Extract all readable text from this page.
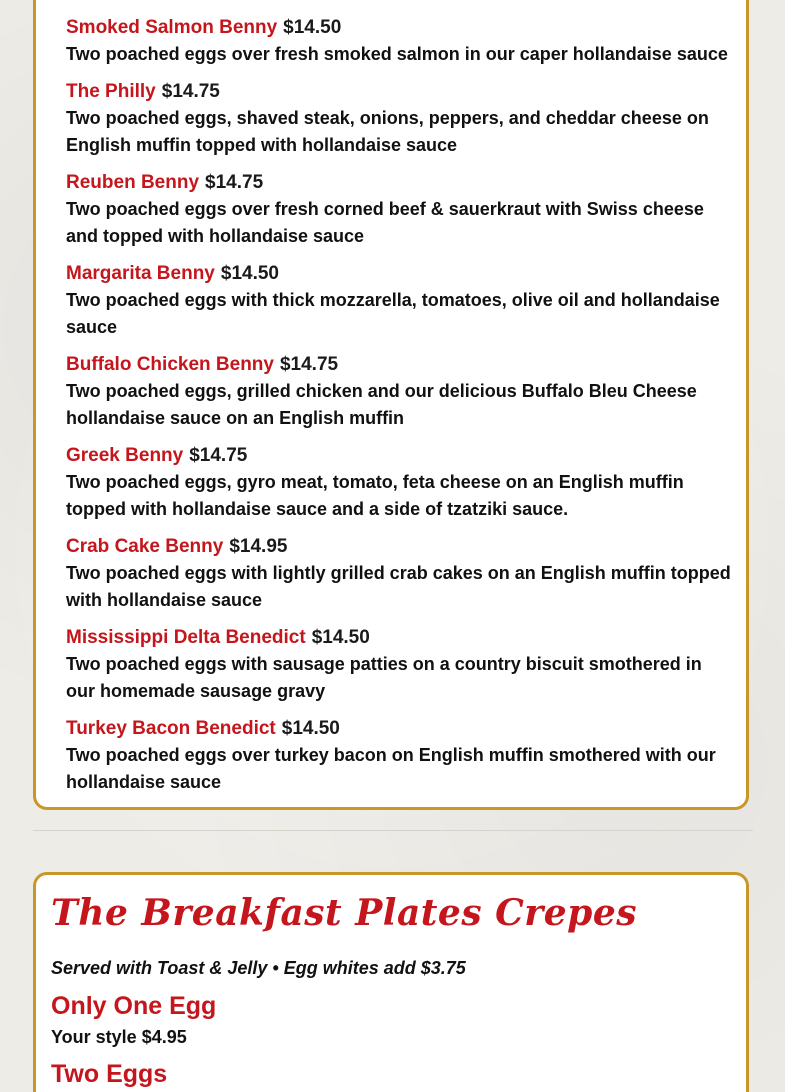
Smoked Salmon Benny $14.50
Two poached eggs over fresh smoked salmon in our caper hollandaise sauce
The Philly $14.75
Two poached eggs, shaved steak, onions, peppers, and cheddar cheese on English muffin topped with hollandaise sauce
Reuben Benny $14.75
Two poached eggs over fresh corned beef & sauerkraut with Swiss cheese and topped with hollandaise sauce
Margarita Benny $14.50
Two poached eggs with thick mozzarella, tomatoes, olive oil and hollandaise sauce
Buffalo Chicken Benny $14.75
Two poached eggs, grilled chicken and our delicious Buffalo Bleu Cheese hollandaise sauce on an English muffin
Greek Benny $14.75
Two poached eggs, gyro meat, tomato, feta cheese on an English muffin topped with hollandaise sauce and a side of tzatziki sauce.
Crab Cake Benny $14.95
Two poached eggs with lightly grilled crab cakes on an English muffin topped with hollandaise sauce
Mississippi Delta Benedict $14.50
Two poached eggs with sausage patties on a country biscuit smothered in our homemade sausage gravy
Turkey Bacon Benedict $14.50
Two poached eggs over turkey bacon on English muffin smothered with our hollandaise sauce
The Breakfast Plates Crepes
Served with Toast & Jelly • Egg whites add $3.75
Only One Egg
Your style $4.95
Two Eggs
